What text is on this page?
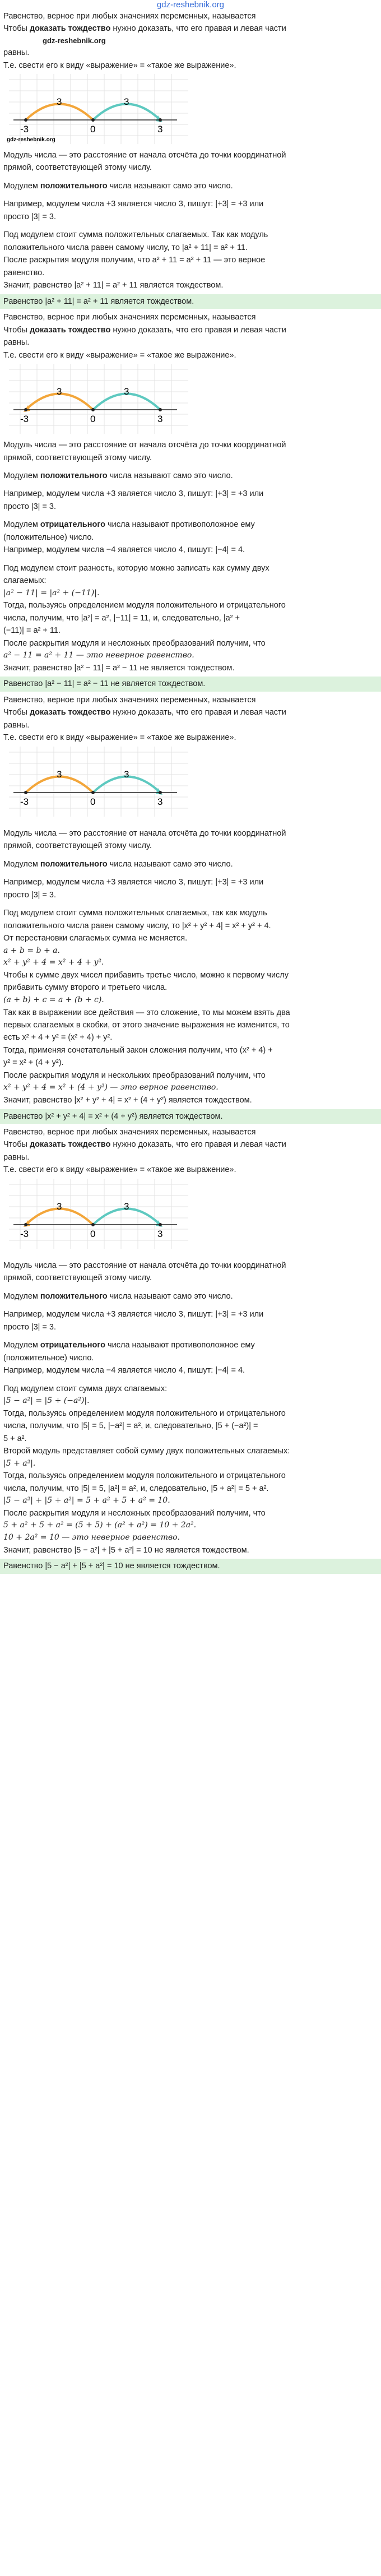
gdz-reshebnik.org

Равенство, верное при любых значениях переменных, называется

Чтобы доказать тождество нужно доказать, что его правая и левая части

gdz-reshebnik.org

равны.

Т.е. свести его к виду «выражение» = «такое же выражение».

3	3
-3	0	3
gdz-reshebnik.org

Модуль числа — это расстояние от начала отсчёта до точки координатной

прямой, соответствующей этому числу.

Модулем положительного числа называют само это число.

Например, модулем числа +3 является число 3, пишут: |+3| = +3 или

просто |3| = 3.

Под модулем стоит сумма положительных слагаемых. Так как модуль

положительного числа равен самому числу, то |a² + 11| = a² + 11.

После раскрытия модуля получим, что a² + 11 = a² + 11 — это верное

равенство.

Значит, равенство |a² + 11| = a² + 11 является тождеством.

Равенство |a² + 11| = a² + 11 является тождеством.

Равенство, верное при любых значениях переменных, называется

Чтобы доказать тождество нужно доказать, что его правая и левая части

равны.

Т.е. свести его к виду «выражение» = «такое же выражение».

3	3
-3	0	3

Модуль числа — это расстояние от начала отсчёта до точки координатной

прямой, соответствующей этому числу.

Модулем положительного числа называют само это число.

Например, модулем числа +3 является число 3, пишут: |+3| = +3 или

просто |3| = 3.

Модулем отрицательного числа называют противоположное ему

(положительное) число.

Например, модулем числа −4 является число 4, пишут: |−4| = 4.

Под модулем стоит разность, которую можно записать как сумму двух

слагаемых:

|a² − 11| = |a² + (−11)|.

Тогда, пользуясь определением модуля положительного и отрицательного

числа, получим, что |a²| = a², |−11| = 11, и, следовательно, |a² +

(−11)| = a² + 11.

После раскрытия модуля и несложных преобразований получим, что

a² − 11 = a² + 11 — это неверное равенство.

Значит, равенство |a² − 11| = a² − 11 не является тождеством.

Равенство |a² − 11| = a² − 11 не является тождеством.

Равенство, верное при любых значениях переменных, называется

Чтобы доказать тождество нужно доказать, что его правая и левая части

равны.

Т.е. свести его к виду «выражение» = «такое же выражение».

3	3
-3	0	3

Модуль числа — это расстояние от начала отсчёта до точки координатной

прямой, соответствующей этому числу.

Модулем положительного числа называют само это число.

Например, модулем числа +3 является число 3, пишут: |+3| = +3 или

просто |3| = 3.

Под модулем стоит сумма положительных слагаемых, так как модуль

положительного числа равен самому числу, то |x² + y² + 4| = x² + y² + 4.

От перестановки слагаемых сумма не меняется.

a + b = b + a.

x² + y² + 4 = x² + 4 + y².

Чтобы к сумме двух чисел прибавить третье число, можно к первому числу

прибавить сумму второго и третьего числа.

(a + b) + c = a + (b + c).

Так как в выражении все действия — это сложение, то мы можем взять два

первых слагаемых в скобки, от этого значение выражения не изменится, то

есть x² + 4 + y² = (x² + 4) + y².

Тогда, применяя сочетательный закон сложения получим, что (x² + 4) +

y² = x² + (4 + y²).

После раскрытия модуля и нескольких преобразований получим, что

x² + y² + 4 = x² + (4 + y²) — это верное равенство.

Значит, равенство |x² + y² + 4| = x² + (4 + y²) является тождеством.

Равенство |x² + y² + 4| = x² + (4 + y²) является тождеством.

Равенство, верное при любых значениях переменных, называется

Чтобы доказать тождество нужно доказать, что его правая и левая части

равны.

Т.е. свести его к виду «выражение» = «такое же выражение».

3	3
-3	0	3

Модуль числа — это расстояние от начала отсчёта до точки координатной

прямой, соответствующей этому числу.

Модулем положительного числа называют само это число.

Например, модулем числа +3 является число 3, пишут: |+3| = +3 или

просто |3| = 3.

Модулем отрицательного числа называют противоположное ему

(положительное) число.

Например, модулем числа −4 является число 4, пишут: |−4| = 4.

Под модулем стоит сумма двух слагаемых:

|5 − a²| = |5 + (−a²)|.

Тогда, пользуясь определением модуля положительного и отрицательного

числа, получим, что |5| = 5, |−a²| = a², и, следовательно, |5 + (−a²)| =

5 + a².

Второй модуль представляет собой сумму двух положительных слагаемых:

|5 + a²|.

Тогда, пользуясь определением модуля положительного и отрицательного

числа, получим, что |5| = 5, |a²| = a², и, следовательно, |5 + a²| = 5 + a².

|5 − a²| + |5 + a²| = 5 + a² + 5 + a² = 10.

После раскрытия модуля и несложных преобразований получим, что

5 + a² + 5 + a² = (5 + 5) + (a² + a²) = 10 + 2a².

10 + 2a² = 10 — это неверное равенство.

Значит, равенство |5 − a²| + |5 + a²| = 10 не является тождеством.

Равенство |5 − a²| + |5 + a²| = 10 не является тождеством.
